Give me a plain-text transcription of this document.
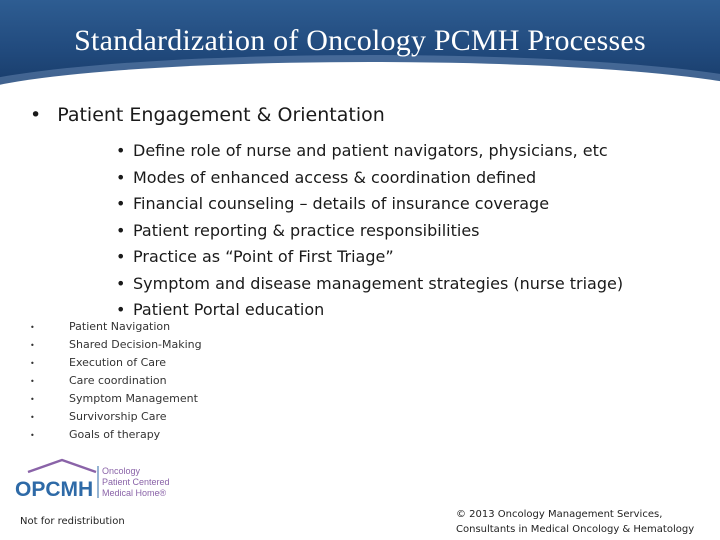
Standardization of Oncology PCMH Processes
• Patient Engagement & Orientation
• Define role of nurse and patient navigators, physicians, etc
• Modes of enhanced access & coordination defined
• Financial counseling – details of insurance coverage
• Patient reporting & practice responsibilities
• Practice as “Point of First Triage”
• Symptom and disease management strategies (nurse triage)
• Patient Portal education
•	Patient Navigation
•	Shared Decision-Making
•	Execution of Care
•	Care coordination
•	Symptom Management
•	Survivorship Care
•	Goals of therapy
OPCMH
Oncology
Patient Centered
Medical Home®
Not for redistribution
© 2013 Oncology Management Services,
Consultants in Medical Oncology & Hematology
